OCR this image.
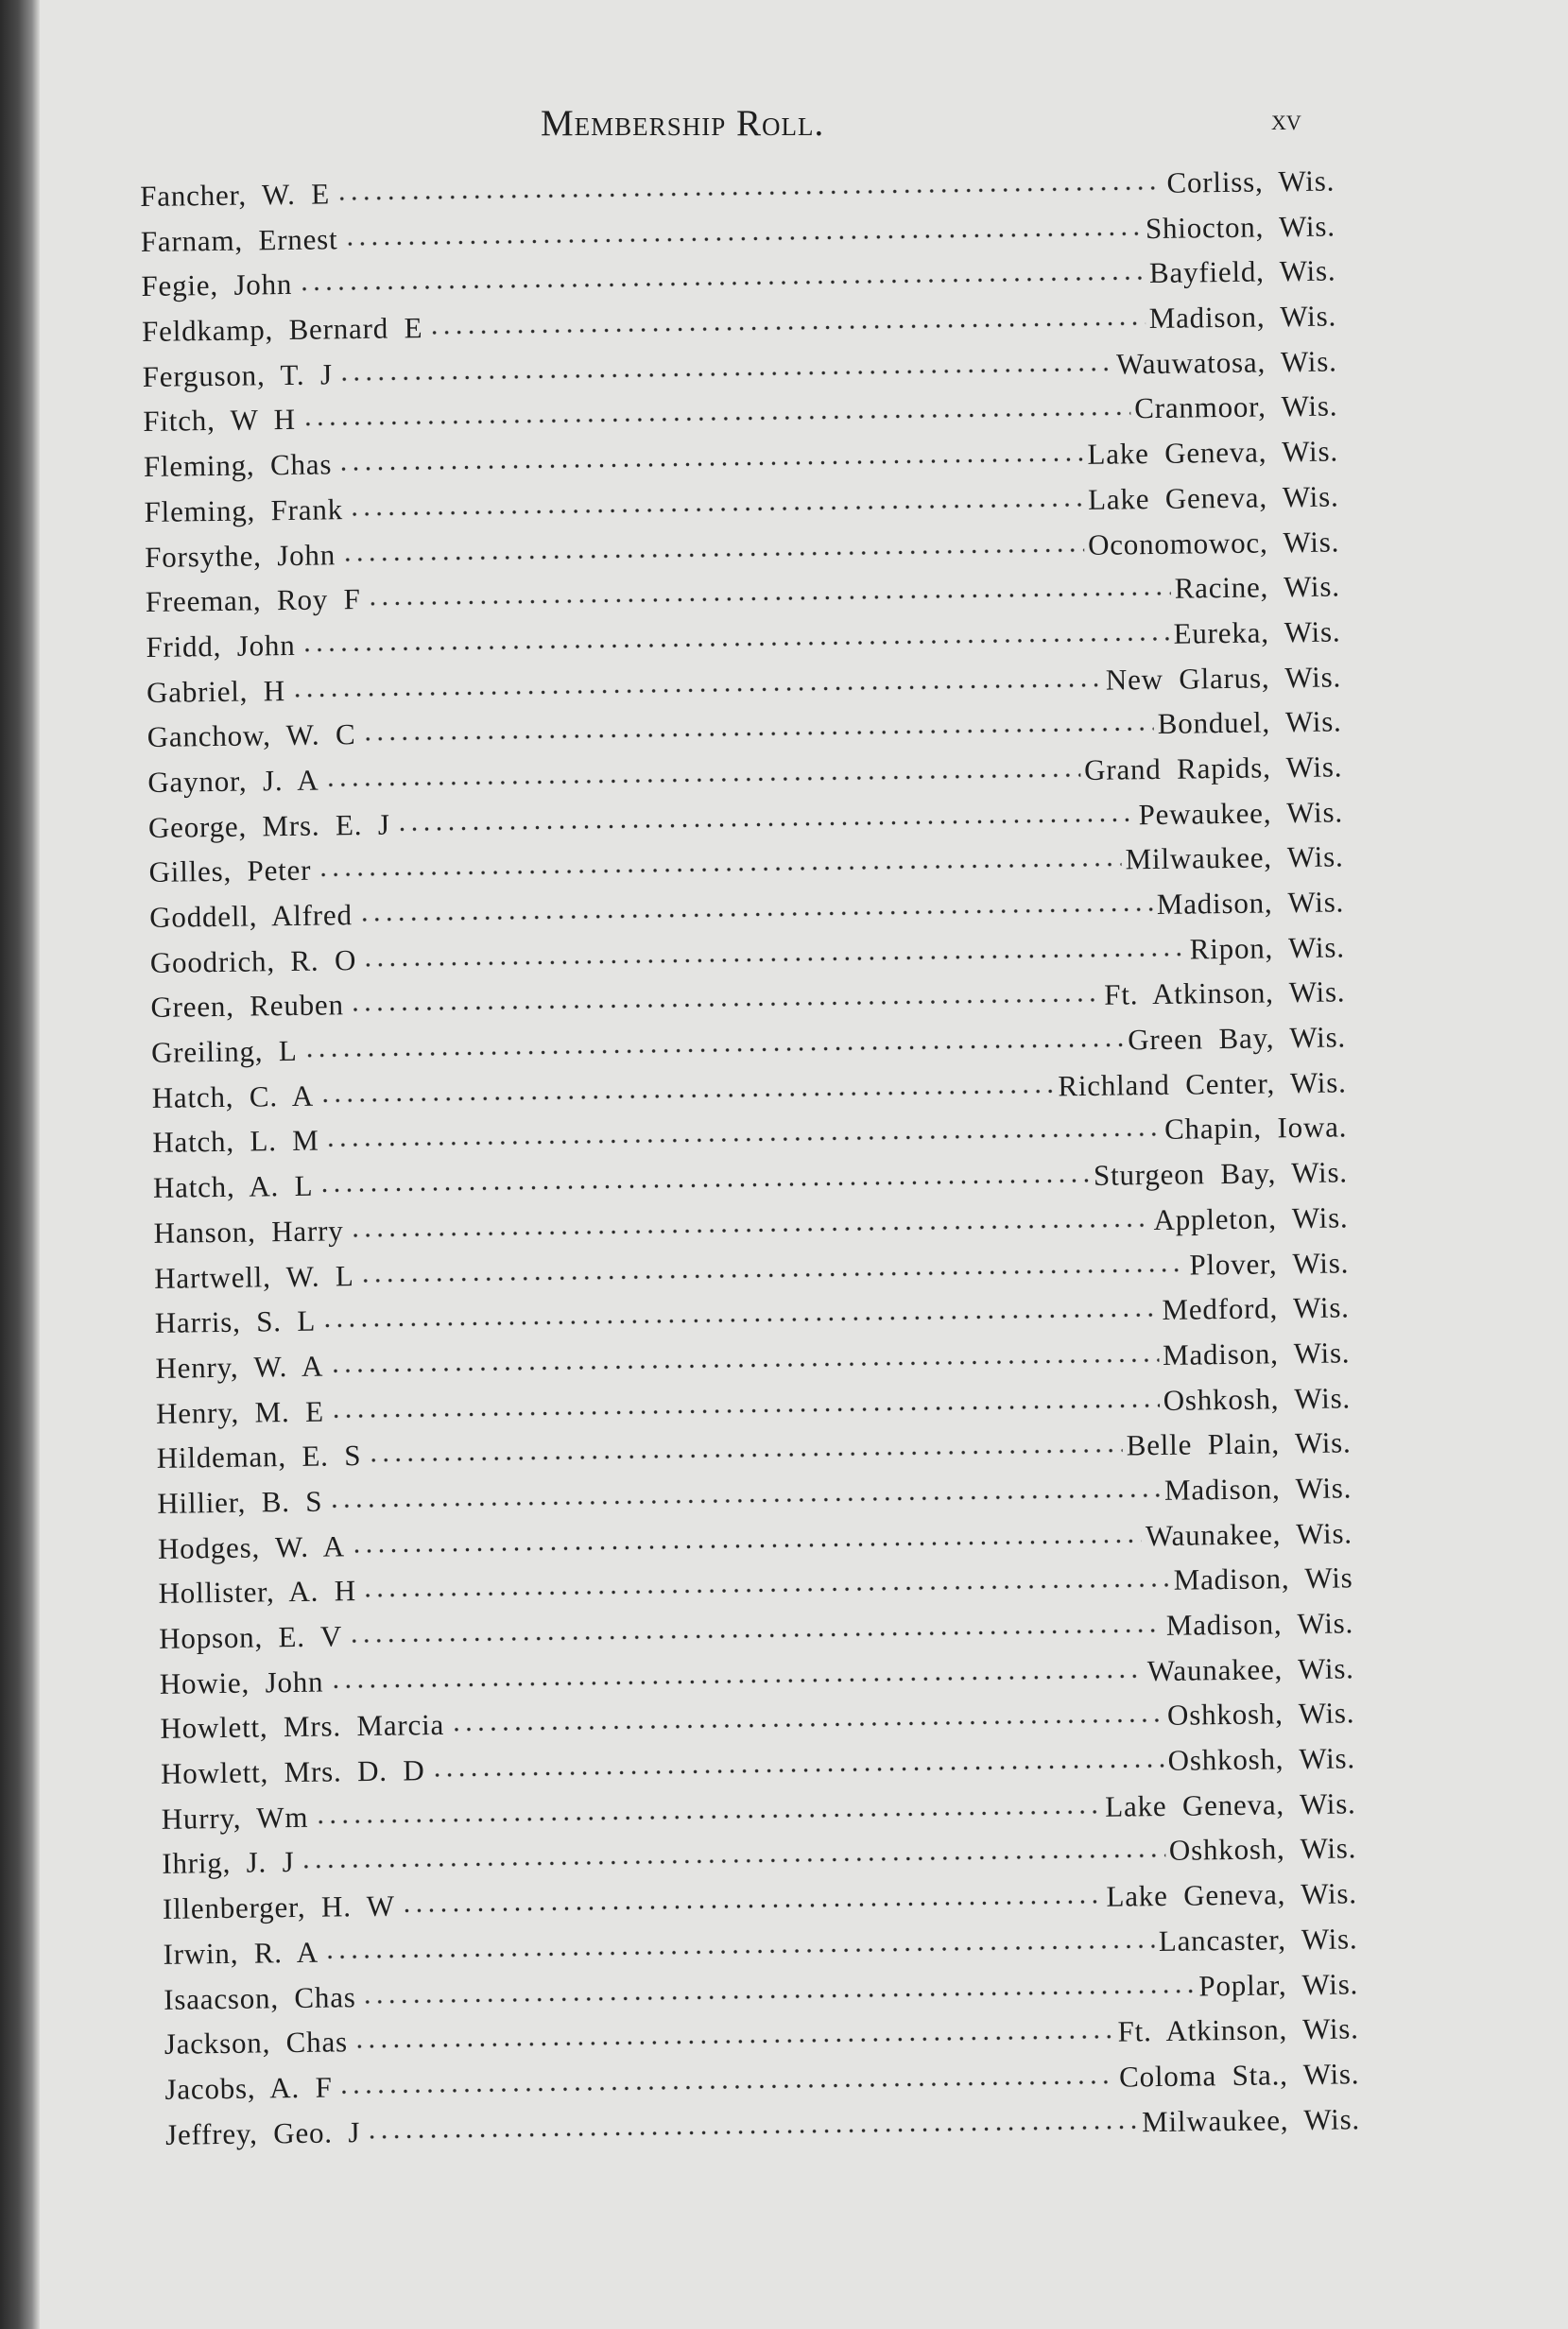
Membership Roll.	xv
Fancher, W. E	Corliss, Wis.
Farnam, Ernest	Shiocton, Wis.
Fegie, John	Bayfield, Wis.
Feldkamp, Bernard E	Madison, Wis.
Ferguson, T. J	Wauwatosa, Wis.
Fitch, W H	Cranmoor, Wis.
Fleming, Chas	Lake Geneva, Wis.
Fleming, Frank	Lake Geneva, Wis.
Forsythe, John	Oconomowoc, Wis.
Freeman, Roy F	Racine, Wis.
Fridd, John	Eureka, Wis.
Gabriel, H	New Glarus, Wis.
Ganchow, W. C	Bonduel, Wis.
Gaynor, J. A	Grand Rapids, Wis.
George, Mrs. E. J	Pewaukee, Wis.
Gilles, Peter	Milwaukee, Wis.
Goddell, Alfred	Madison, Wis.
Goodrich, R. O	Ripon, Wis.
Green, Reuben	Ft. Atkinson, Wis.
Greiling, L	Green Bay, Wis.
Hatch, C. A	Richland Center, Wis.
Hatch, L. M	Chapin, Iowa.
Hatch, A. L	Sturgeon Bay, Wis.
Hanson, Harry	Appleton, Wis.
Hartwell, W. L	Plover, Wis.
Harris, S. L	Medford, Wis.
Henry, W. A	Madison, Wis.
Henry, M. E	Oshkosh, Wis.
Hildeman, E. S	Belle Plain, Wis.
Hillier, B. S	Madison, Wis.
Hodges, W. A	Waunakee, Wis.
Hollister, A. H	Madison, Wis
Hopson, E. V	Madison, Wis.
Howie, John	Waunakee, Wis.
Howlett, Mrs. Marcia	Oshkosh, Wis.
Howlett, Mrs. D. D	Oshkosh, Wis.
Hurry, Wm	Lake Geneva, Wis.
Ihrig, J. J	Oshkosh, Wis.
Illenberger, H. W	Lake Geneva, Wis.
Irwin, R. A	Lancaster, Wis.
Isaacson, Chas	Poplar, Wis.
Jackson, Chas	Ft. Atkinson, Wis.
Jacobs, A. F	Coloma Sta., Wis.
Jeffrey, Geo. J	Milwaukee, Wis.
